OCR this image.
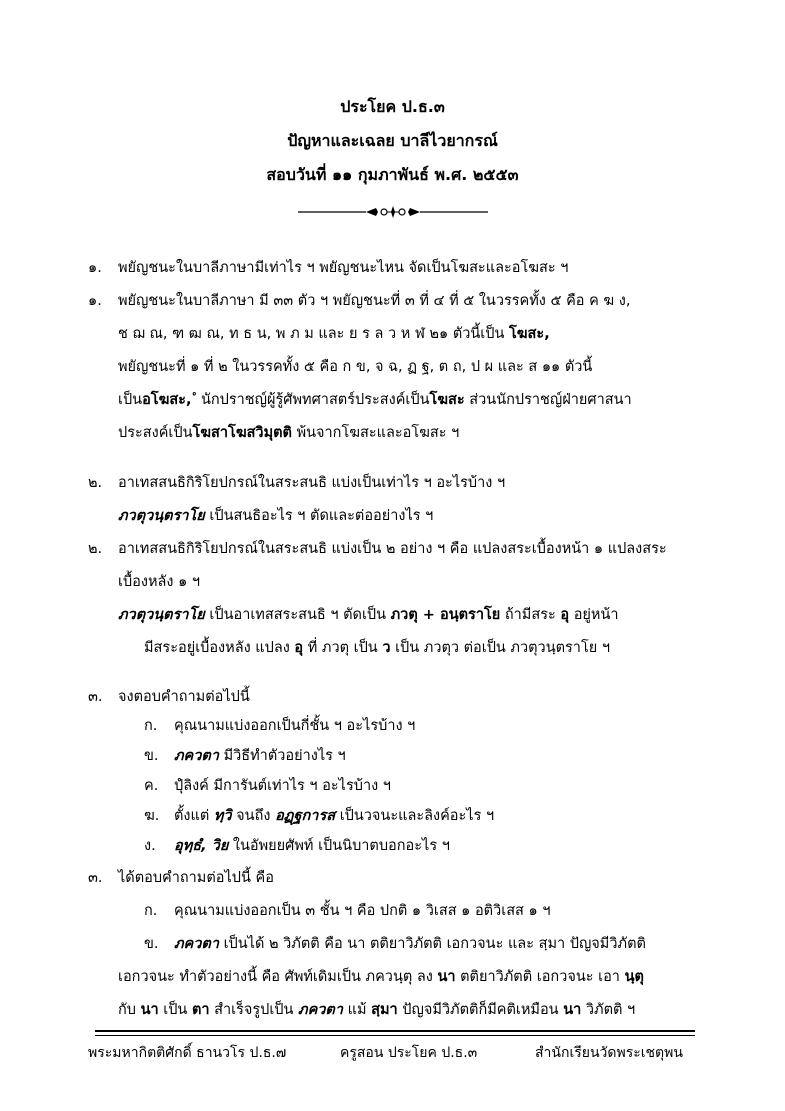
ประโยค ป.ธ.๓
ปัญหาและเฉลย บาลีไวยากรณ์
สอบวันที่ ๑๑ กุมภาพันธ์ พ.ศ. ๒๕๕๓
๑. พยัญชนะในบาลีภาษามีเท่าไร ฯ พยัญชนะไหน จัดเป็นโฆสะและอโฆสะ ฯ
๑. พยัญชนะในบาลีภาษา มี ๓๓ ตัว ฯ พยัญชนะที่ ๓ ที่ ๔ ที่ ๕ ในวรรคทั้ง ๕ คือ ค ฆ ง,
ช ฌ ณ, ฑ ฒ ณ, ท ธ น, พ ภ ม และ ย ร ล ว ห ฬ ๒๑ ตัวนี้เป็น โฆสะ,
พยัญชนะที่ ๑ ที่ ๒ ในวรรคทั้ง ๕ คือ ก ข, จ ฉ, ฏ ฐ, ต ถ, ป ผ และ ส ๑๑ ตัวนี้
เป็นอโฆสะ, ํ นักปราชญ์ผู้รู้ศัพทศาสตร์ประสงค์เป็นโฆสะ ส่วนนักปราชญ์ฝ่ายศาสนา
ประสงค์เป็นโฆสาโฆสวิมุตติ พ้นจากโฆสะและอโฆสะ ฯ
๒. อาเทสสนธิกิริโยปกรณ์ในสระสนธิ แบ่งเป็นเท่าไร ฯ อะไรบ้าง ฯ
ภวตุวนฺตราโย เป็นสนธิอะไร ฯ ตัดและต่ออย่างไร ฯ
๒. อาเทสสนธิกิริโยปกรณ์ในสระสนธิ แบ่งเป็น ๒ อย่าง ฯ คือ แปลงสระเบื้องหน้า ๑ แปลงสระ
เบื้องหลัง ๑ ฯ
ภวตุวนฺตราโย เป็นอาเทสสระสนธิ ฯ ตัดเป็น ภวตุ + อนฺตราโย ถ้ามีสระ อุ อยู่หน้า
มีสระอยู่เบื้องหลัง แปลง อุ ที่ ภวตุ เป็น ว เป็น ภวตุว ต่อเป็น ภวตุวนฺตราโย ฯ
๓. จงตอบคำถามต่อไปนี้
ก. คุณนามแบ่งออกเป็นกี่ชั้น ฯ อะไรบ้าง ฯ
ข. ภควตา มีวิธีทำตัวอย่างไร ฯ
ค. ปุํลิงค์ มีการันต์เท่าไร ฯ อะไรบ้าง ฯ
ฆ. ตั้งแต่ ทฺวิ จนถึง อฏฺฐการส เป็นวจนะและลิงค์อะไร ฯ
ง. อุทฺธํ, วิย ในอัพยยศัพท์ เป็นนิบาตบอกอะไร ฯ
๓. ได้ตอบคำถามต่อไปนี้ คือ
ก. คุณนามแบ่งออกเป็น ๓ ชั้น ฯ คือ ปกติ ๑ วิเสส ๑ อติวิเสส ๑ ฯ
ข. ภควตา เป็นได้ ๒ วิภัตติ คือ นา ตติยาวิภัตติ เอกวจนะ และ สฺมา ปัญจมีวิภัตติ
เอกวจนะ ทำตัวอย่างนี้ คือ ศัพท์เดิมเป็น ภควนฺตุ ลง นา ตติยาวิภัตติ เอกวจนะ เอา นฺตุ
กับ นา เป็น ตา สำเร็จรูปเป็น ภควตา แม้ สฺมา ปัญจมีวิภัตติก็มีคติเหมือน นา วิภัตติ ฯ
พระมหากิตติศักดิ์ ธานวโร ป.ธ.๗	ครูสอน ประโยค ป.ธ.๓	สำนักเรียนวัดพระเชตุพน
